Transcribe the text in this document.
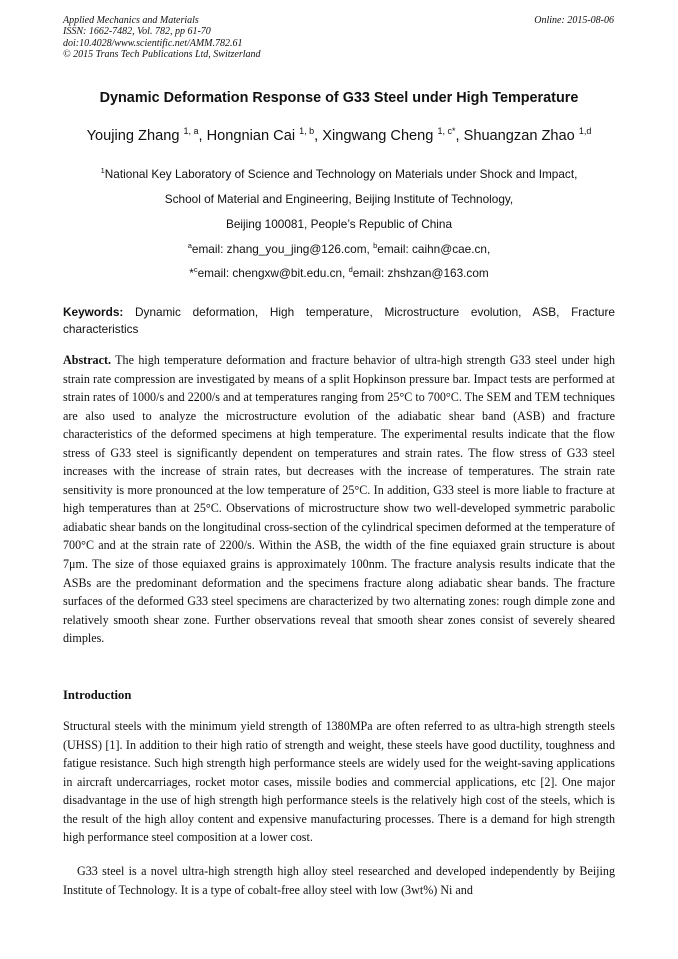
Applied Mechanics and Materials
ISSN: 1662-7482, Vol. 782, pp 61-70
doi:10.4028/www.scientific.net/AMM.782.61
© 2015 Trans Tech Publications Ltd, Switzerland
Online: 2015-08-06
Dynamic Deformation Response of G33 Steel under High Temperature
Youjing Zhang $^{1, a}$, Hongnian Cai $^{1, b}$, Xingwang Cheng $^{1, c*}$, Shuangzan Zhao $^{1,d}$
$^1$National Key Laboratory of Science and Technology on Materials under Shock and Impact,
School of Material and Engineering, Beijing Institute of Technology,
Beijing 100081, People’s Republic of China
$^a$email: zhang_you_jing@126.com, $^b$email: caihn@cae.cn,
*$^c$email: chengxw@bit.edu.cn, $^d$email: zhshzan@163.com
Keywords: Dynamic deformation, High temperature, Microstructure evolution, ASB, Fracture characteristics
Abstract. The high temperature deformation and fracture behavior of ultra-high strength G33 steel under high strain rate compression are investigated by means of a split Hopkinson pressure bar. Impact tests are performed at strain rates of 1000/s and 2200/s and at temperatures ranging from 25°C to 700°C. The SEM and TEM techniques are also used to analyze the microstructure evolution of the adiabatic shear band (ASB) and fracture characteristics of the deformed specimens at high temperature. The experimental results indicate that the flow stress of G33 steel is significantly dependent on temperatures and strain rates. The flow stress of G33 steel increases with the increase of strain rates, but decreases with the increase of temperatures. The strain rate sensitivity is more pronounced at the low temperature of 25°C. In addition, G33 steel is more liable to fracture at high temperatures than at 25°C. Observations of microstructure show two well-developed symmetric parabolic adiabatic shear bands on the longitudinal cross-section of the cylindrical specimen deformed at the temperature of 700°C and at the strain rate of 2200/s. Within the ASB, the width of the fine equiaxed grain structure is about 7μm. The size of those equiaxed grains is approximately 100nm. The fracture analysis results indicate that the ASBs are the predominant deformation and the specimens fracture along adiabatic shear bands. The fracture surfaces of the deformed G33 steel specimens are characterized by two alternating zones: rough dimple zone and relatively smooth shear zone. Further observations reveal that smooth shear zones consist of severely sheared dimples.
Introduction
Structural steels with the minimum yield strength of 1380MPa are often referred to as ultra-high strength steels (UHSS) [1]. In addition to their high ratio of strength and weight, these steels have good ductility, toughness and fatigue resistance. Such high strength high performance steels are widely used for the weight-saving applications in aircraft undercarriages, rocket motor cases, missile bodies and commercial applications, etc [2]. One major disadvantage in the use of high strength high performance steels is the relatively high cost of the steels, which is the result of the high alloy content and expensive manufacturing processes. There is a demand for high strength high performance steel composition at a lower cost.
G33 steel is a novel ultra-high strength high alloy steel researched and developed independently by Beijing Institute of Technology. It is a type of cobalt-free alloy steel with low (3wt%) Ni and
